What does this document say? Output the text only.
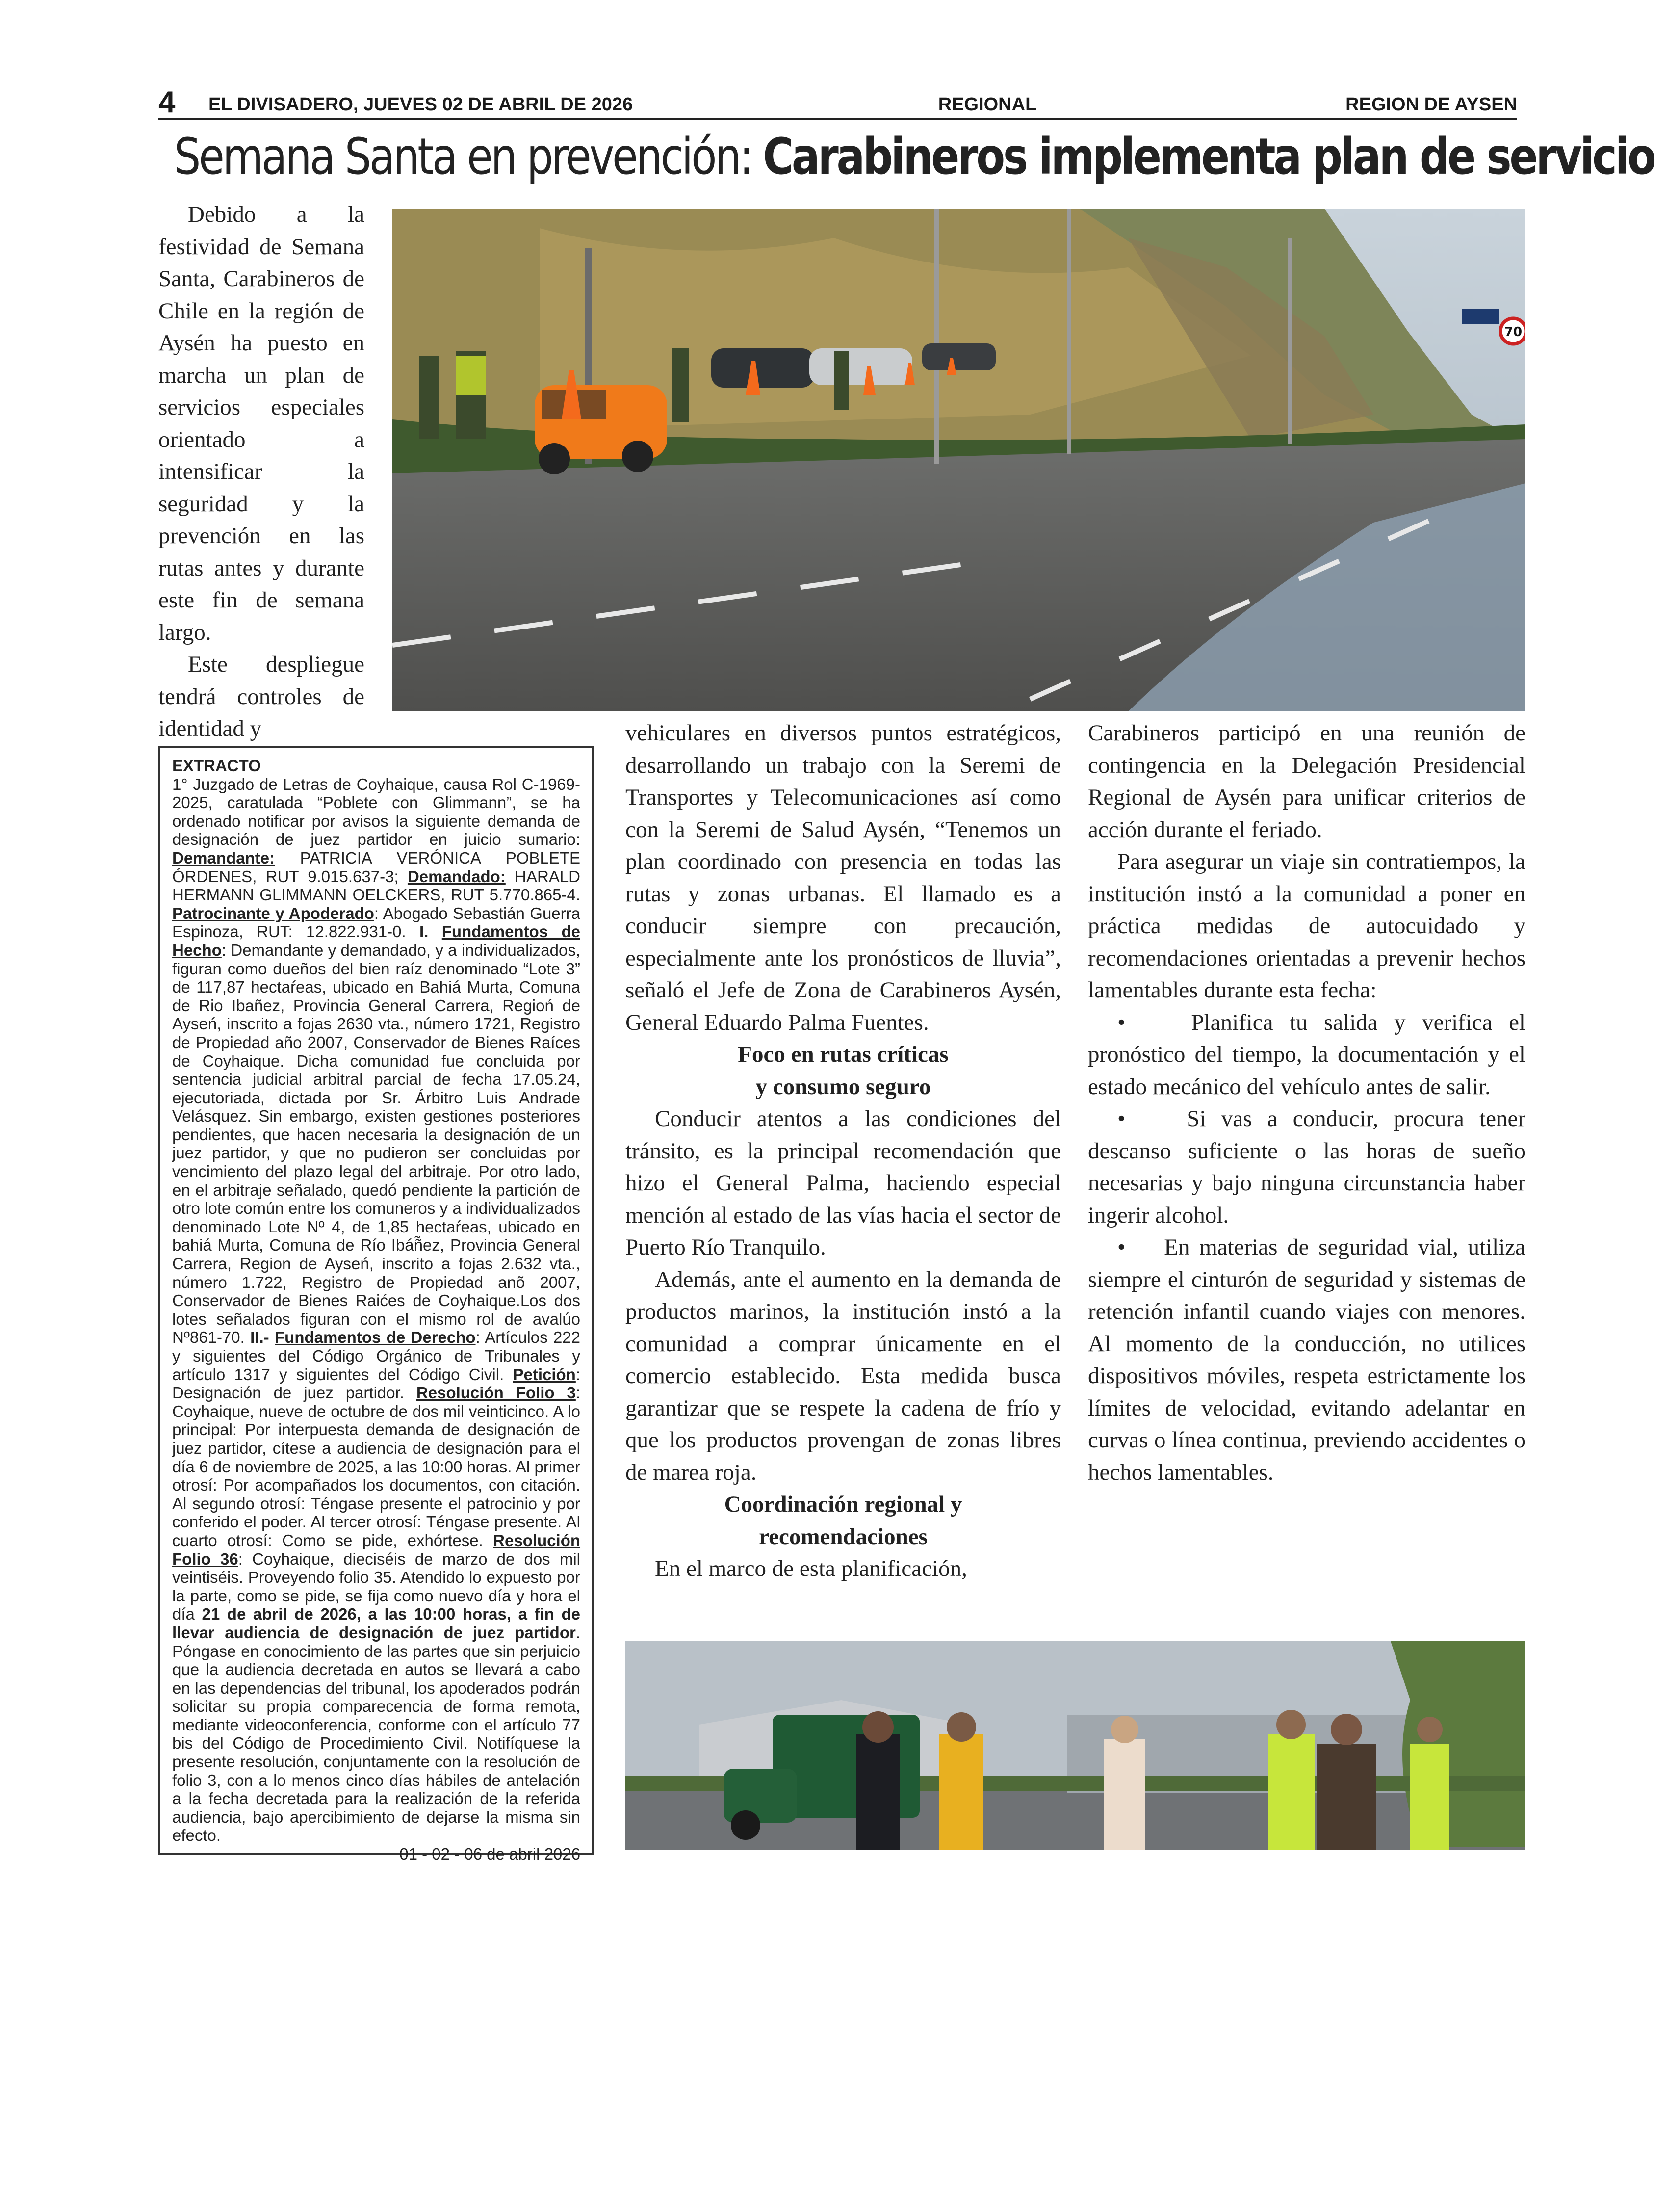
4 EL DIVISADERO, JUEVES 02 DE ABRIL DE 2026	REGIONAL	REGION DE AYSEN
Semana Santa en prevención: Carabineros implementa plan de servicio

Debido a la festividad de Semana Santa, Carabineros de Chile en la región de Aysén ha puesto en marcha un plan de servicios especiales orientado a intensificar la seguridad y la prevención en las rutas antes y durante este fin de semana largo.

Este despliegue tendrá controles de identidad y

70

vehiculares en diversos puntos estratégicos, desarrollando un trabajo con la Seremi de Transportes y Telecomunicaciones así como con la Seremi de Salud Aysén, “Tenemos un plan coordinado con presencia en todas las rutas y zonas urbanas. El llamado es a conducir siempre con precaución, especialmente ante los pronósticos de lluvia”, señaló el Jefe de Zona de Carabineros Aysén, General Eduardo Palma Fuentes.

Foco en rutas críticas

y consumo seguro

Conducir atentos a las condiciones del tránsito, es la principal recomendación que hizo el General Palma, haciendo especial mención al estado de las vías hacia el sector de Puerto Río Tranquilo.

Además, ante el aumento en la demanda de productos marinos, la institución instó a la comunidad a comprar únicamente en el comercio establecido. Esta medida busca garantizar que se respete la cadena de frío y que los productos provengan de zonas libres de marea roja.

Coordinación regional y

recomendaciones

En el marco de esta planificación,

Carabineros participó en una reunión de contingencia en la Delegación Presidencial Regional de Aysén para unificar criterios de acción durante el feriado.

Para asegurar un viaje sin contratiempos, la institución instó a la comunidad a poner en práctica medidas de autocuidado y recomendaciones orientadas a prevenir hechos lamentables durante esta fecha:

•    Planifica tu salida y verifica el pronóstico del tiempo, la documentación y el estado mecánico del vehículo antes de salir.

•    Si vas a conducir, procura tener descanso suficiente o las horas de sueño necesarias y bajo ninguna circunstancia haber ingerir alcohol.

•    En materias de seguridad vial, utiliza siempre el cinturón de seguridad y sistemas de retención infantil cuando viajes con menores. Al momento de la conducción, no utilices dispositivos móviles, respeta estrictamente los límites de velocidad, evitando adelantar en curvas o línea continua, previendo accidentes o hechos lamentables.

EXTRACTO

1° Juzgado de Letras de Coyhaique, causa Rol C-1969-2025, caratulada “Poblete con Glimmann”, se ha ordenado notificar por avisos la siguiente demanda de designación de juez partidor en juicio sumario: Demandante: PATRICIA VERÓNICA POBLETE ÓRDENES, RUT 9.015.637-3; Demandado: HARALD HERMANN GLIMMANN OELCKERS, RUT 5.770.865-4. Patrocinante y Apoderado: Abogado Sebastián Guerra Espinoza, RUT: 12.822.931-0. I. Fundamentos de Hecho: Demandante y demandado, y a individualizados, figuran como dueños del bien raíz denominado “Lote 3” de 117,87 hectaŕeas, ubicado en Bahiá Murta, Comuna de Rio Ibañez, Provincia General Carrera, Regioń de Ayseń, inscrito a fojas 2630 vta., número 1721, Registro de Propiedad año 2007, Conservador de Bienes Raíces de Coyhaique. Dicha comunidad fue concluida por sentencia judicial arbitral parcial de fecha 17.05.24, ejecutoriada, dictada por Sr. Árbitro Luis Andrade Velásquez. Sin embargo, existen gestiones posteriores pendientes, que hacen necesaria la designación de un juez partidor, y que no pudieron ser concluidas por vencimiento del plazo legal del arbitraje. Por otro lado, en el arbitraje señalado, quedó pendiente la partición de otro lote común entre los comuneros y a individualizados denominado Lote Nº 4, de 1,85 hectaŕeas, ubicado en bahiá Murta, Comuna de Río Ibáñ̃ez, Provincia General Carrera, Region de Ayseń, inscrito a fojas 2.632 vta., número 1.722, Registro de Propiedad anõ 2007, Conservador de Bienes Raićes de Coyhaique.Los dos lotes señalados figuran con el mismo rol de avalúo Nº861-70. II.- Fundamentos de Derecho: Artículos 222 y siguientes del Código Orgánico de Tribunales y artículo 1317 y siguientes del Código Civil. Petición: Designación de juez partidor. Resolución Folio 3: Coyhaique, nueve de octubre de dos mil veinticinco. A lo principal: Por interpuesta demanda de designación de juez partidor, cítese a audiencia de designación para el día 6 de noviembre de 2025, a las 10:00 horas. Al primer otrosí: Por acompañados los documentos, con citación. Al segundo otrosí: Téngase presente el patrocinio y por conferido el poder. Al tercer otrosí: Téngase presente. Al cuarto otrosí: Como se pide, exhórtese. Resolución Folio 36: Coyhaique, dieciséis de marzo de dos mil veintiséis. Proveyendo folio 35. Atendido lo expuesto por la parte, como se pide, se fija como nuevo día y hora el día 21 de abril de 2026, a las 10:00 horas, a fin de llevar audiencia de designación de juez partidor. Póngase en conocimiento de las partes que sin perjuicio que la audiencia decretada en autos se llevará a cabo en las dependencias del tribunal, los apoderados podrán solicitar su propia comparecencia de forma remota, mediante videoconferencia, conforme con el artículo 77 bis del Código de Procedimiento Civil. Notifíquese la presente resolución, conjuntamente con la resolución de folio 3, con a lo menos cinco días hábiles de antelación a la fecha decretada para la realización de la referida audiencia, bajo apercibimiento de dejarse la misma sin efecto.

01 - 02 - 06 de abril 2026
